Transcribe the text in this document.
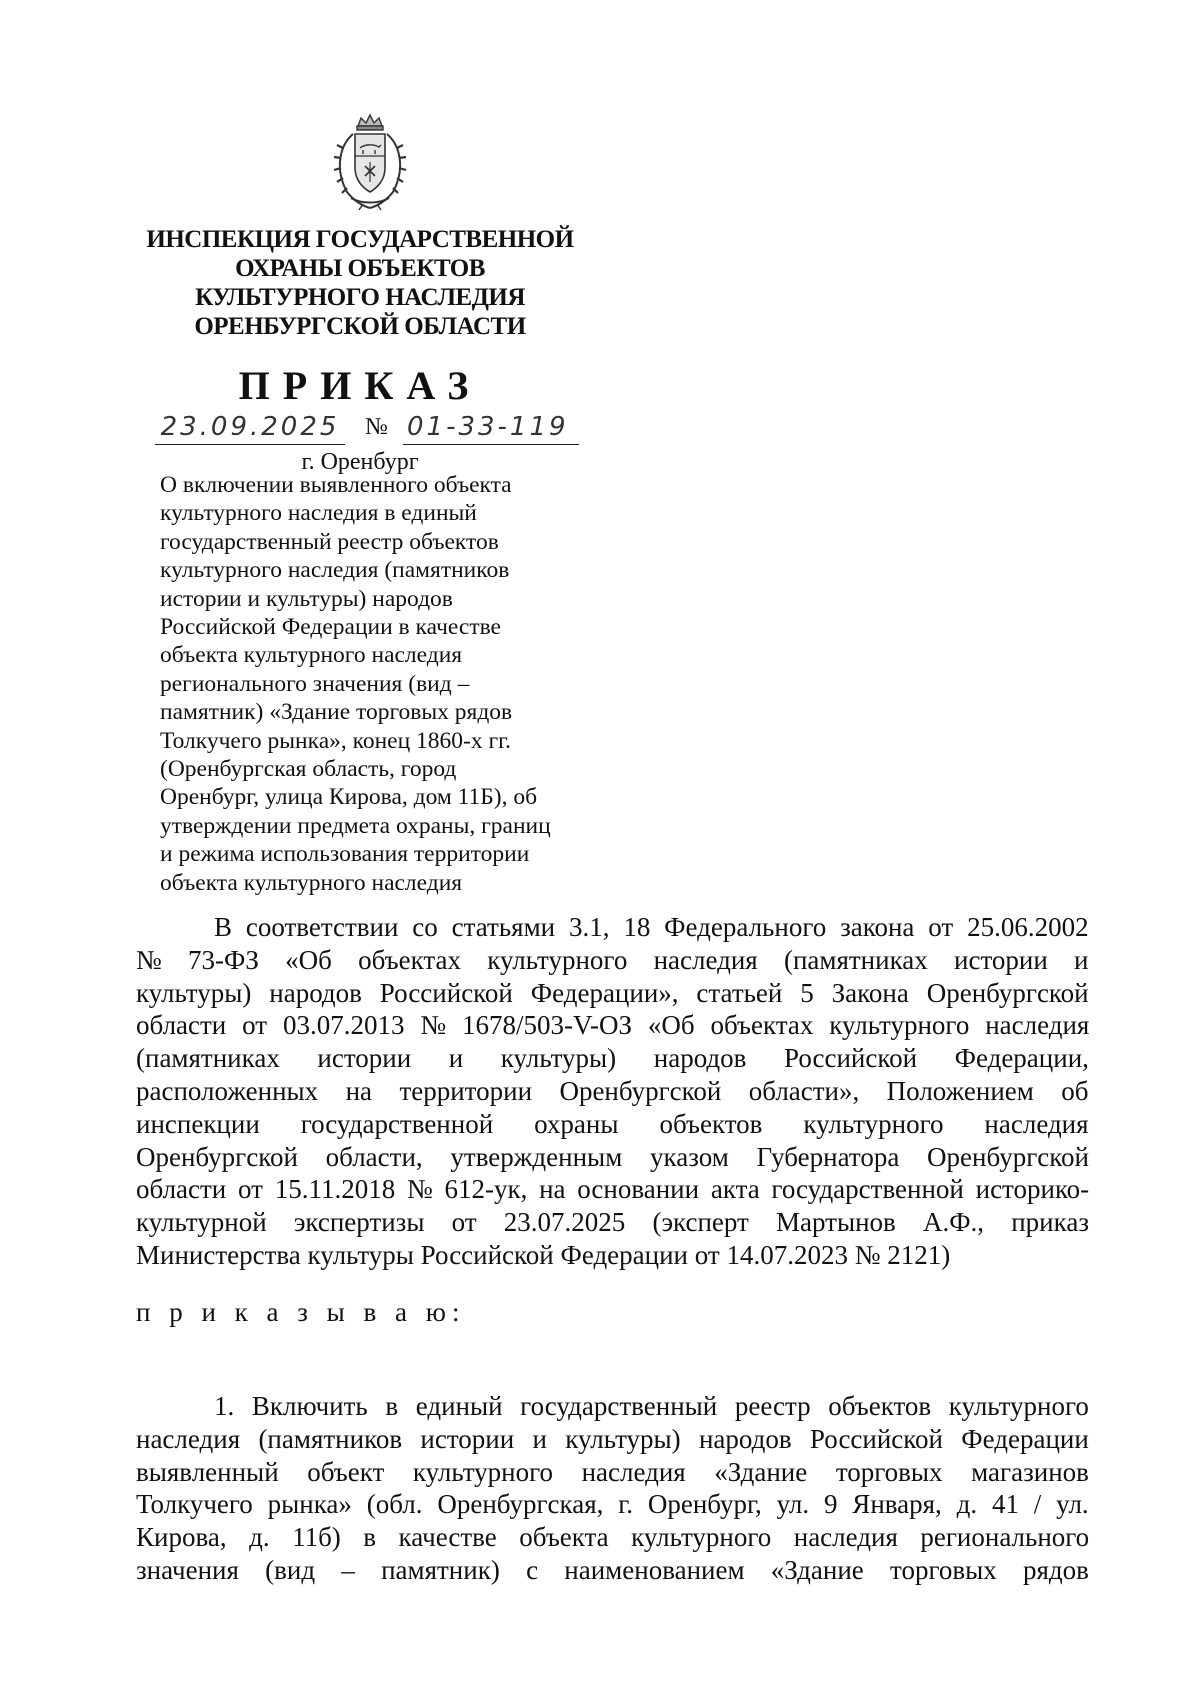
ИНСПЕКЦИЯ ГОСУДАРСТВЕННОЙ
ОХРАНЫ ОБЪЕКТОВ
КУЛЬТУРНОГО НАСЛЕДИЯ
ОРЕНБУРГСКОЙ ОБЛАСТИ
ПРИКАЗ
23.09.2025 № 01-33-119
г. Оренбург
О включении выявленного объекта
культурного наследия в единый
государственный реестр объектов
культурного наследия (памятников
истории и культуры) народов
Российской Федерации в качестве
объекта культурного наследия
регионального значения (вид –
памятник) «Здание торговых рядов
Толкучего рынка», конец 1860-х гг.
(Оренбургская область, город
Оренбург, улица Кирова, дом 11Б), об
утверждении предмета охраны, границ
и режима использования территории
объекта культурного наследия
В соответствии со статьями 3.1, 18 Федерального закона от 25.06.2002
№ 73-ФЗ «Об объектах культурного наследия (памятниках истории и
культуры) народов Российской Федерации», статьей 5 Закона Оренбургской
области от 03.07.2013 № 1678/503-V-ОЗ «Об объектах культурного наследия
(памятниках истории и культуры) народов Российской Федерации,
расположенных на территории Оренбургской области», Положением об
инспекции государственной охраны объектов культурного наследия
Оренбургской области, утвержденным указом Губернатора Оренбургской
области от 15.11.2018 № 612-ук, на основании акта государственной историко-
культурной экспертизы от 23.07.2025 (эксперт Мартынов А.Ф., приказ
Министерства культуры Российской Федерации от 14.07.2023 № 2121)
п р и к а з ы в а ю:
1. Включить в единый государственный реестр объектов культурного
наследия (памятников истории и культуры) народов Российской Федерации
выявленный объект культурного наследия «Здание торговых магазинов
Толкучего рынка» (обл. Оренбургская, г. Оренбург, ул. 9 Января, д. 41 / ул.
Кирова, д. 11б) в качестве объекта культурного наследия регионального
значения (вид – памятник) с наименованием «Здание торговых рядов
